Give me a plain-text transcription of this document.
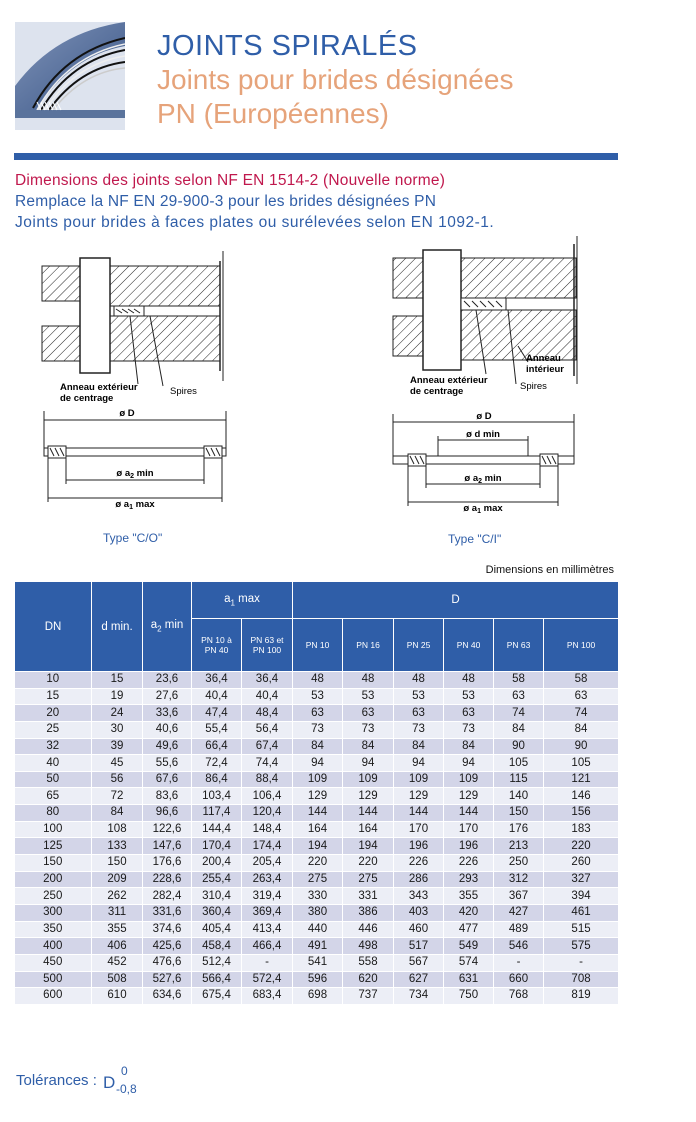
JOINTS SPIRALÉS
Joints pour brides désignées
PN (Européennes)
Dimensions des joints selon NF EN 1514-2 (Nouvelle norme)
Remplace la NF EN 29-900-3 pour les brides désignées PN
Joints pour brides à faces plates ou surélevées selon EN 1092-1.
Anneau extérieur
de centrage
Spires
ø D
ø $a_2$ min
ø $a_1$ max
Type "C/O"
Anneau
intérieur
Anneau extérieur
de centrage	Spires
ø D
ø d min
ø $a_2$ min
ø $a_1$ max
Type "C/I"
Dimensions en millimètres
DN	d min.	$a_2$ min	$a_1$ max		D					
			PN 10 à
PN 40	PN 63 et
PN 100	PN 10	PN 16	PN 25	PN 40	PN 63	PN 100
10	15	23,6	36,4	36,4	48	48	48	48	58	58
15	19	27,6	40,4	40,4	53	53	53	53	63	63
20	24	33,6	47,4	48,4	63	63	63	63	74	74
25	30	40,6	55,4	56,4	73	73	73	73	84	84
32	39	49,6	66,4	67,4	84	84	84	84	90	90
40	45	55,6	72,4	74,4	94	94	94	94	105	105
50	56	67,6	86,4	88,4	109	109	109	109	115	121
65	72	83,6	103,4	106,4	129	129	129	129	140	146
80	84	96,6	117,4	120,4	144	144	144	144	150	156
100	108	122,6	144,4	148,4	164	164	170	170	176	183
125	133	147,6	170,4	174,4	194	194	196	196	213	220
150	150	176,6	200,4	205,4	220	220	226	226	250	260
200	209	228,6	255,4	263,4	275	275	286	293	312	327
250	262	282,4	310,4	319,4	330	331	343	355	367	394
300	311	331,6	360,4	369,4	380	386	403	420	427	461
350	355	374,6	405,4	413,4	440	446	460	477	489	515
400	406	425,6	458,4	466,4	491	498	517	549	546	575
450	452	476,6	512,4	-	541	558	567	574	-	-
500	508	527,6	566,4	572,4	596	620	627	631	660	708
600	610	634,6	675,4	683,4	698	737	734	750	768	819
Tolérances : D
0
-0,8
